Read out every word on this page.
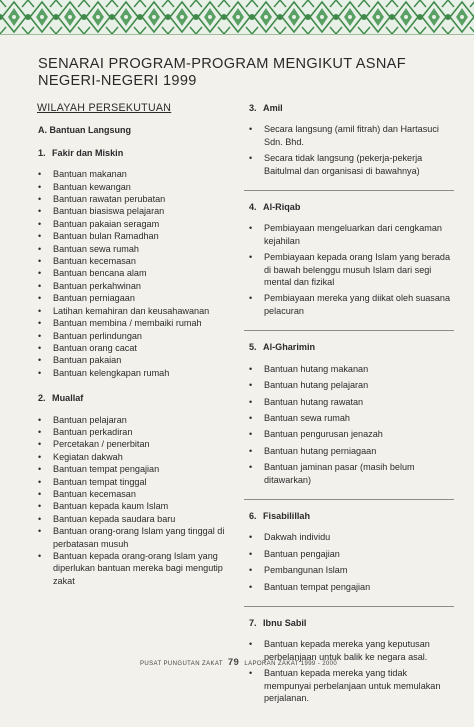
SENARAI PROGRAM-PROGRAM MENGIKUT ASNAF NEGERI-NEGERI 1999
WILAYAH PERSEKUTUAN
A. Bantuan Langsung
1. Fakir dan Miskin
• Bantuan makanan
• Bantuan kewangan
• Bantuan rawatan perubatan
• Bantuan biasiswa pelajaran
• Bantuan pakaian seragam
• Bantuan bulan Ramadhan
• Bantuan sewa rumah
• Bantuan kecemasan
• Bantuan bencana alam
• Bantuan perkahwinan
• Bantuan perniagaan
• Latihan kemahiran dan keusahawanan
• Bantuan membina / membaiki rumah
• Bantuan perlindungan
• Bantuan orang cacat
• Bantuan pakaian
• Bantuan kelengkapan rumah
2. Muallaf
• Bantuan pelajaran
• Bantuan perkadiran
• Percetakan / penerbitan
• Kegiatan dakwah
• Bantuan tempat pengajian
• Bantuan tempat tinggal
• Bantuan kecemasan
• Bantuan kepada kaum Islam
• Bantuan kepada saudara baru
• Bantuan orang-orang Islam yang tinggal di perbatasan musuh
• Bantuan kepada orang-orang Islam yang diperlukan bantuan mereka bagi mengutip zakat
3. Amil
• Secara langsung (amil fitrah) dan Hartasuci Sdn. Bhd.
• Secara tidak langsung (pekerja-pekerja Baitulmal dan organisasi di bawahnya)
4. Al-Riqab
• Pembiayaan mengeluarkan dari cengkaman kejahilan
• Pembiayaan kepada orang Islam yang berada di bawah belenggu musuh Islam dari segi mental dan fizikal
• Pembiayaan mereka yang diikat oleh suasana pelacuran
5. Al-Gharimin
• Bantuan hutang makanan
• Bantuan hutang pelajaran
• Bantuan hutang rawatan
• Bantuan sewa rumah
• Bantuan pengurusan jenazah
• Bantuan hutang perniagaan
• Bantuan jaminan pasar (masih belum ditawarkan)
6. Fisabilillah
• Dakwah individu
• Bantuan pengajian
• Pembangunan Islam
• Bantuan tempat pengajian
7. Ibnu Sabil
• Bantuan kepada mereka yang keputusan perbelanjaan untuk balik ke negara asal.
• Bantuan kepada mereka yang tidak mempunyai perbelanjaan untuk memulakan perjalanan.
PUSAT PUNGUTAN ZAKAT 79 LAPORAN ZAKAT 1999 - 2000
